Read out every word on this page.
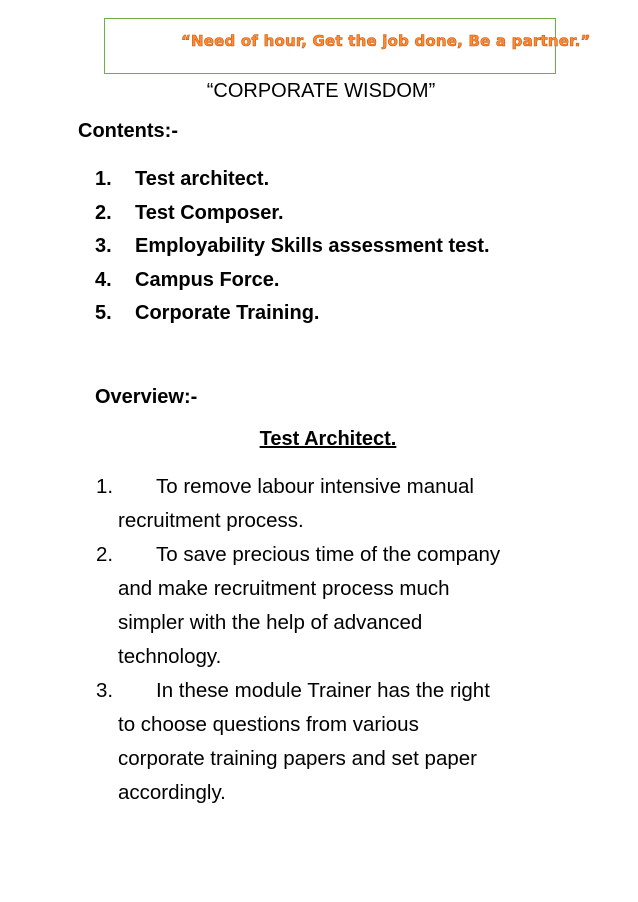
“Need of hour, Get the job done, Be a partner.”

“CORPORATE WISDOM”

Contents:-

1.	Test architect.
2.	Test Composer.
3.	Employability Skills assessment test.
4.	Campus Force.
5.	Corporate Training.

Overview:-

Test Architect.
1.	To remove labour intensive manual
recruitment process.
2.	To save precious time of the company
and make recruitment process much
simpler with the help of advanced
technology.
3.	In these module Trainer has the right
to choose questions from various
corporate training papers and set paper
accordingly.
